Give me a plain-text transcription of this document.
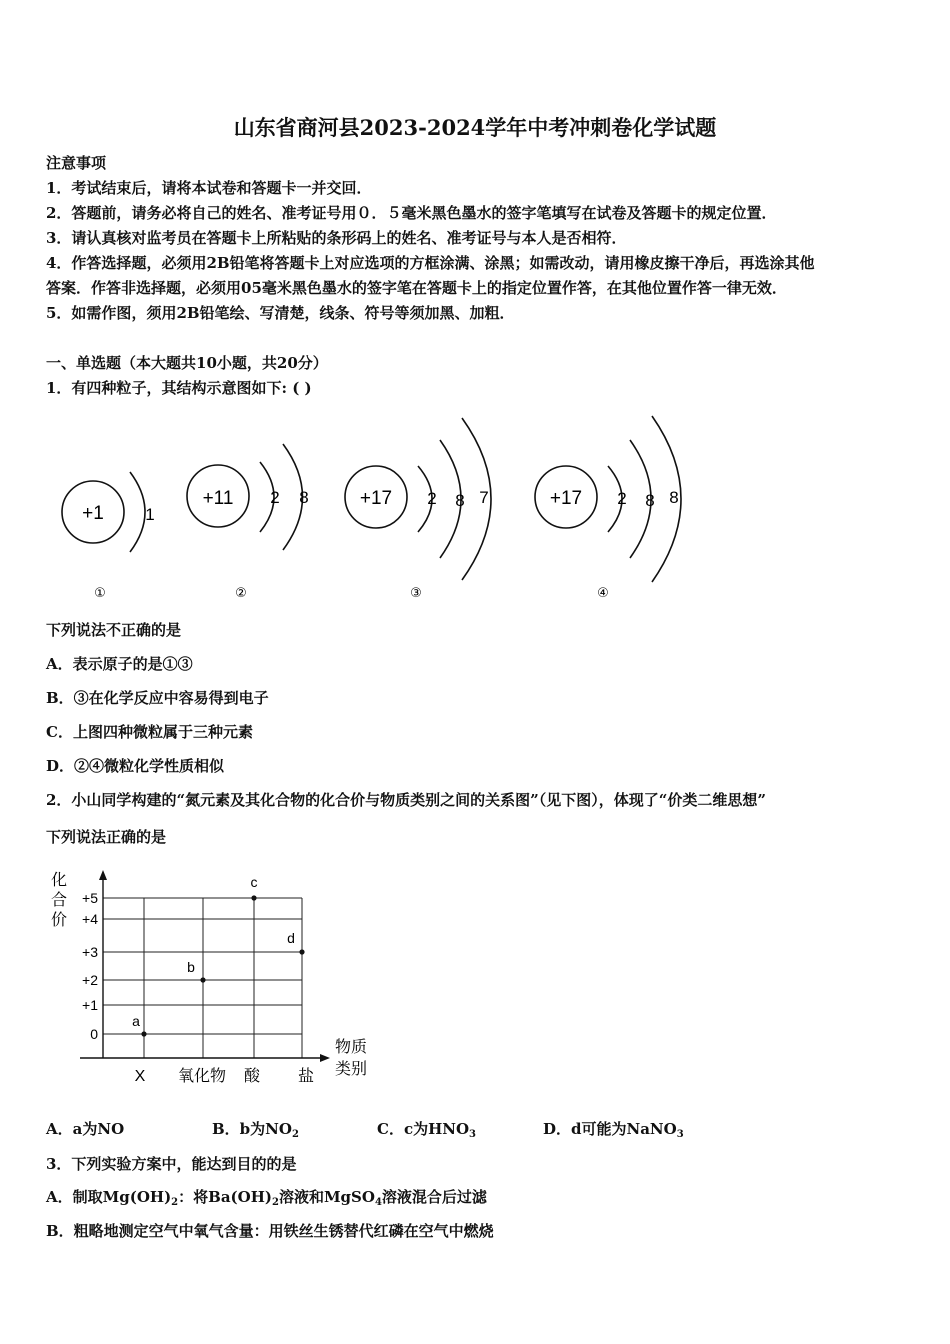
山东省商河县2023-2024学年中考冲刺卷化学试题
注意事项
1．考试结束后，请将本试卷和答题卡一并交回．
2．答题前，请务必将自己的姓名、准考证号用０．５毫米黑色墨水的签字笔填写在试卷及答题卡的规定位置．
3．请认真核对监考员在答题卡上所粘贴的条形码上的姓名、准考证号与本人是否相符．
4．作答选择题，必须用2B铅笔将答题卡上对应选项的方框涂满、涂黑；如需改动，请用橡皮擦干净后，再选涂其他
答案．作答非选择题，必须用05毫米黑色墨水的签字笔在答题卡上的指定位置作答，在其他位置作答一律无效．
5．如需作图，须用2B铅笔绘、写清楚，线条、符号等须加黑、加粗．
一、单选题（本大题共10小题，共20分）
1．有四种粒子，其结构示意图如下: ( )
+1 1
①
+11 2 8
②
+17 2 8 7
③
+17 2 8 8
④
下列说法不正确的是
A．表示原子的是①③
B．③在化学反应中容易得到电子
C．上图四种微粒属于三种元素
D．②④微粒化学性质相似
2．小山同学构建的“氮元素及其化合物的化合价与物质类别之间的关系图”（见下图），体现了“价类二维思想”
下列说法正确的是
0
+1
+2
+3
+4
+5
X 氧化物 酸 盐
a
b
c
d
化
合
价
物质
类别
A．a为NO	B．b为$NO_2$	C．c为$HNO_3$	D．d可能为NaNO$_3$
3．下列实验方案中，能达到目的的是
A．制取$Mg(OH)_2$：将$Ba(OH)_2$溶液和MgSO$_4$溶液混合后过滤
B．粗略地测定空气中氧气含量：用铁丝生锈替代红磷在空气中燃烧
